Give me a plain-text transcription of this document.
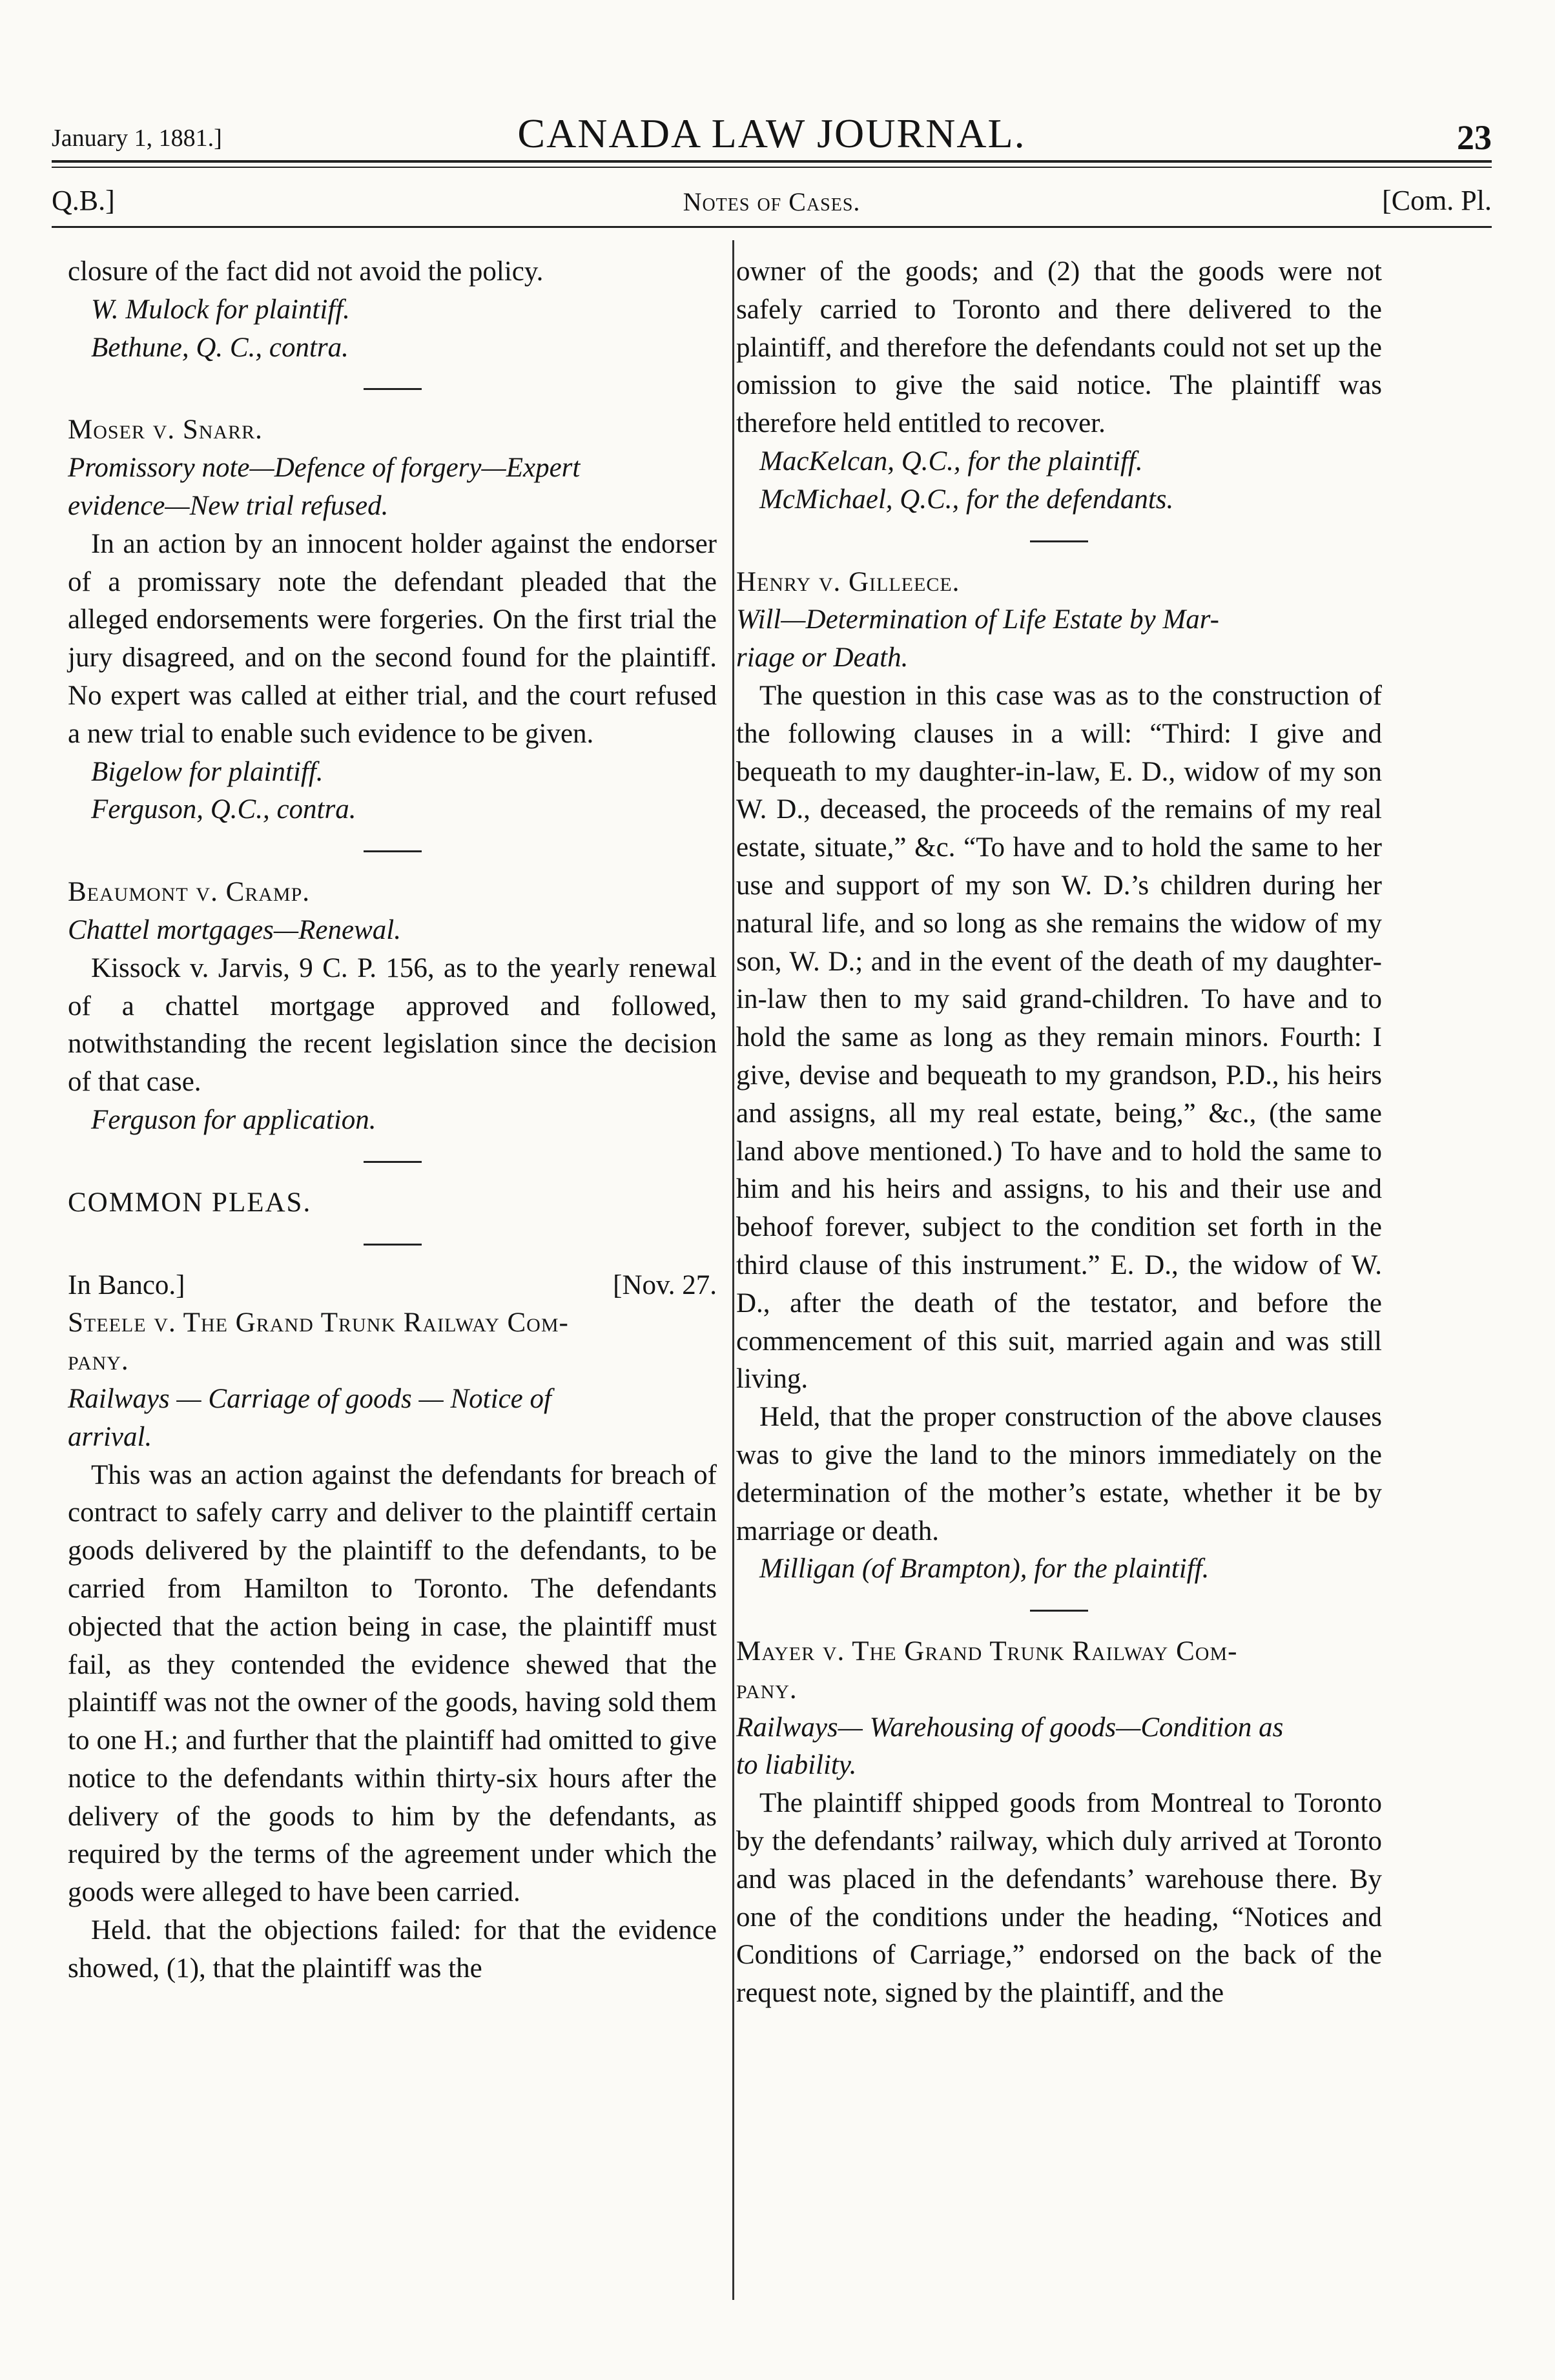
January 1, 1881.]	CANADA LAW JOURNAL.	23
Q.B.]	Notes of Cases.	[Com. Pl.

closure of the fact did not avoid the policy.

W. Mulock for plaintiff.

Bethune, Q. C., contra.

Moser v. Snarr.

Promissory note—Defence of forgery—Expert

evidence—New trial refused.

In an action by an innocent holder against the endorser of a promissary note the defendant pleaded that the alleged endorsements were forgeries. On the first trial the jury disagreed, and on the second found for the plaintiff. No expert was called at either trial, and the court refused a new trial to enable such evidence to be given.

Bigelow for plaintiff.

Ferguson, Q.C., contra.

Beaumont v. Cramp.

Chattel mortgages—Renewal.

Kissock v. Jarvis, 9 C. P. 156, as to the yearly renewal of a chattel mortgage approved and followed, notwithstanding the recent legislation since the decision of that case.

Ferguson for application.

COMMON PLEAS.

In Banco.]	[Nov. 27.

Steele v. The Grand Trunk Railway Com-

pany.

Railways — Carriage of goods — Notice of

arrival.

This was an action against the defendants for breach of contract to safely carry and deliver to the plaintiff certain goods delivered by the plaintiff to the defendants, to be carried from Hamilton to Toronto. The defendants objected that the action being in case, the plaintiff must fail, as they contended the evidence shewed that the plaintiff was not the owner of the goods, having sold them to one H.; and further that the plaintiff had omitted to give notice to the defendants within thirty-six hours after the delivery of the goods to him by the defendants, as required by the terms of the agreement under which the goods were alleged to have been carried.

Held. that the objections failed: for that the evidence showed, (1), that the plaintiff was the

owner of the goods; and (2) that the goods were not safely carried to Toronto and there delivered to the plaintiff, and therefore the defendants could not set up the omission to give the said notice. The plaintiff was therefore held entitled to recover.

MacKelcan, Q.C., for the plaintiff.

McMichael, Q.C., for the defendants.

Henry v. Gilleece.

Will—Determination of Life Estate by Mar-

riage or Death.

The question in this case was as to the construction of the following clauses in a will: “Third: I give and bequeath to my daughter-in-law, E. D., widow of my son W. D., deceased, the proceeds of the remains of my real estate, situate,” &c. “To have and to hold the same to her use and support of my son W. D.’s children during her natural life, and so long as she remains the widow of my son, W. D.; and in the event of the death of my daughter-in-law then to my said grand-children. To have and to hold the same as long as they remain minors. Fourth: I give, devise and bequeath to my grandson, P.D., his heirs and assigns, all my real estate, being,” &c., (the same land above mentioned.) To have and to hold the same to him and his heirs and assigns, to his and their use and behoof forever, subject to the condition set forth in the third clause of this instrument.” E. D., the widow of W. D., after the death of the testator, and before the commencement of this suit, married again and was still living.

Held, that the proper construction of the above clauses was to give the land to the minors immediately on the determination of the mother’s estate, whether it be by marriage or death.

Milligan (of Brampton), for the plaintiff.

Mayer v. The Grand Trunk Railway Com-

pany.

Railways— Warehousing of goods—Condition as

to liability.

The plaintiff shipped goods from Montreal to Toronto by the defendants’ railway, which duly arrived at Toronto and was placed in the defendants’ warehouse there. By one of the conditions under the heading, “Notices and Conditions of Carriage,” endorsed on the back of the request note, signed by the plaintiff, and the
